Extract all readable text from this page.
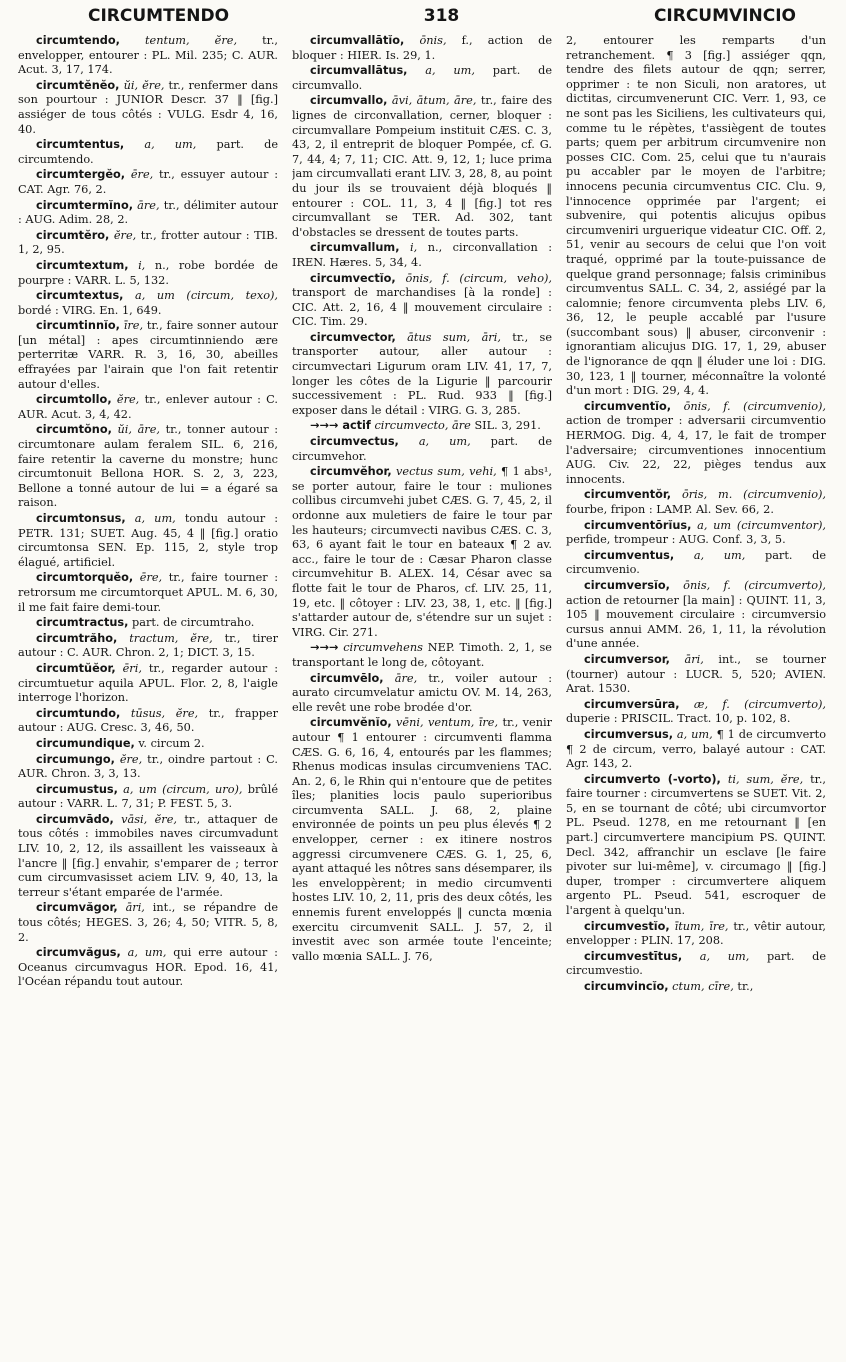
CIRCUMTENDO	318	CIRCUMVINCIO

circumtendo, tentum, ĕre, tr., envelopper, entourer : PL. Mil. 235; C. AUR. Acut. 3, 17, 174.

circumtĕnĕo, ŭi, ĕre, tr., renfermer dans son pourtour : JUNIOR Descr. 37 ‖ [fig.] assiéger de tous côtés : VULG. Esdr 4, 16, 40.

circumtentus, a, um, part. de circumtendo.

circumtergĕo, ēre, tr., essuyer autour : CAT. Agr. 76, 2.

circumtermĭno, āre, tr., délimiter autour : AUG. Adim. 28, 2.

circumtĕro, ĕre, tr., frotter autour : TIB. 1, 2, 95.

circumtextum, i, n., robe bordée de pourpre : VARR. L. 5, 132.

circumtextus, a, um (circum, texo), bordé : VIRG. En. 1, 649.

circumtinnĭo, īre, tr., faire sonner autour [un métal] : apes circumtinniendo ære perterritæ VARR. R. 3, 16, 30, abeilles effrayées par l'airain que l'on fait retentir autour d'elles.

circumtollo, ĕre, tr., enlever autour : C. AUR. Acut. 3, 4, 42.

circumtŏno, ŭi, āre, tr., tonner autour : circumtonare aulam feralem SIL. 6, 216, faire retentir la caverne du monstre; hunc circumtonuit Bellona HOR. S. 2, 3, 223, Bellone a tonné autour de lui = a égaré sa raison.

circumtonsus, a, um, tondu autour : PETR. 131; SUET. Aug. 45, 4 ‖ [fig.] oratio circumtonsa SEN. Ep. 115, 2, style trop élagué, artificiel.

circumtorquĕo, ēre, tr., faire tourner : retrorsum me circumtorquet APUL. M. 6, 30, il me fait faire demi-tour.

circumtractus, part. de circumtraho.

circumtrăho, tractum, ĕre, tr., tirer autour : C. AUR. Chron. 2, 1; DICT. 3, 15.

circumtŭĕor, ēri, tr., regarder autour : circumtuetur aquila APUL. Flor. 2, 8, l'aigle interroge l'horizon.

circumtundo, tūsus, ĕre, tr., frapper autour : AUG. Cresc. 3, 46, 50.

circumundique, v. circum 2.

circumungo, ĕre, tr., oindre partout : C. AUR. Chron. 3, 3, 13.

circumustus, a, um (circum, uro), brûlé autour : VARR. L. 7, 31; P. FEST. 5, 3.

circumvādo, vāsi, ĕre, tr., attaquer de tous côtés : immobiles naves circumvadunt LIV. 10, 2, 12, ils assaillent les vaisseaux à l'ancre ‖ [fig.] envahir, s'emparer de ; terror cum circumvasisset aciem LIV. 9, 40, 13, la terreur s'étant emparée de l'armée.

circumvăgor, āri, int., se répandre de tous côtés; HEGES. 3, 26; 4, 50; VITR. 5, 8, 2.

circumvăgus, a, um, qui erre autour : Oceanus circumvagus HOR. Epod. 16, 41, l'Océan répandu tout autour.

circumvallātĭo, ōnis, f., action de bloquer : HIER. Is. 29, 1.

circumvallātus, a, um, part. de circumvallo.

circumvallo, āvi, ātum, āre, tr., faire des lignes de circonvallation, cerner, bloquer : circumvallare Pompeium instituit CÆS. C. 3, 43, 2, il entreprit de bloquer Pompée, cf. G. 7, 44, 4; 7, 11; CIC. Att. 9, 12, 1; luce prima jam circumvallati erant LIV. 3, 28, 8, au point du jour ils se trouvaient déjà bloqués ‖ entourer : COL. 11, 3, 4 ‖ [fig.] tot res circumvallant se TER. Ad. 302, tant d'obstacles se dressent de toutes parts.

circumvallum, i, n., circonvallation : IREN. Hæres. 5, 34, 4.

circumvectĭo, ōnis, f. (circum, veho), transport de marchandises [à la ronde] : CIC. Att. 2, 16, 4 ‖ mouvement circulaire : CIC. Tim. 29.

circumvector, ātus sum, āri, tr., se transporter autour, aller autour : circumvectari Ligurum oram LIV. 41, 17, 7, longer les côtes de la Ligurie ‖ parcourir successivement : PL. Rud. 933 ‖ [fig.] exposer dans le détail : VIRG. G. 3, 285.

→→→ actif circumvecto, āre SIL. 3, 291.

circumvectus, a, um, part. de circumvehor.

circumvĕhor, vectus sum, vehi, ¶ 1 abs¹, se porter autour, faire le tour : muliones collibus circumvehi jubet CÆS. G. 7, 45, 2, il ordonne aux muletiers de faire le tour par les hauteurs; circumvecti navibus CÆS. C. 3, 63, 6 ayant fait le tour en bateaux ¶ 2 av. acc., faire le tour de : Cæsar Pharon classe circumvehitur B. ALEX. 14, César avec sa flotte fait le tour de Pharos, cf. LIV. 25, 11, 19, etc. ‖ côtoyer : LIV. 23, 38, 1, etc. ‖ [fig.] s'attarder autour de, s'étendre sur un sujet : VIRG. Cir. 271.

→→→ circumvehens NEP. Timoth. 2, 1, se transportant le long de, côtoyant.

circumvēlo, āre, tr., voiler autour : aurato circumvelatur amictu OV. M. 14, 263, elle revêt une robe brodée d'or.

circumvĕnĭo, vēni, ventum, īre, tr., venir autour ¶ 1 entourer : circumventi flamma CÆS. G. 6, 16, 4, entourés par les flammes; Rhenus modicas insulas circumveniens TAC. An. 2, 6, le Rhin qui n'entoure que de petites îles; planities locis paulo superioribus circumventa SALL. J. 68, 2, plaine environnée de points un peu plus élevés ¶ 2 envelopper, cerner : ex itinere nostros aggressi circumvenere CÆS. G. 1, 25, 6, ayant attaqué les nôtres sans désemparer, ils les enveloppèrent; in medio circumventi hostes LIV. 10, 2, 11, pris des deux côtés, les ennemis furent enveloppés ‖ cuncta mœnia exercitu circumvenit SALL. J. 57, 2, il investit avec son armée toute l'enceinte; vallo mœnia SALL. J. 76,

2, entourer les remparts d'un retranchement. ¶ 3 [fig.] assiéger qqn, tendre des filets autour de qqn; serrer, opprimer : te non Siculi, non aratores, ut dictitas, circumvenerunt CIC. Verr. 1, 93, ce ne sont pas les Siciliens, les cultivateurs qui, comme tu le répètes, t'assiègent de toutes parts; quem per arbitrum circumvenire non posses CIC. Com. 25, celui que tu n'aurais pu accabler par le moyen de l'arbitre; innocens pecunia circumventus CIC. Clu. 9, l'innocence opprimée par l'argent; ei subvenire, qui potentis alicujus opibus circumveniri urguerique videatur CIC. Off. 2, 51, venir au secours de celui que l'on voit traqué, opprimé par la toute-puissance de quelque grand personnage; falsis criminibus circumventus SALL. C. 34, 2, assiégé par la calomnie; fenore circumventa plebs LIV. 6, 36, 12, le peuple accablé par l'usure (succombant sous) ‖ abuser, circonvenir : ignorantiam alicujus DIG. 17, 1, 29, abuser de l'ignorance de qqn ‖ éluder une loi : DIG. 30, 123, 1 ‖ tourner, méconnaître la volonté d'un mort : DIG. 29, 4, 4.

circumventĭo, ōnis, f. (circumvenio), action de tromper : adversarii circumventio HERMOG. Dig. 4, 4, 17, le fait de tromper l'adversaire; circumventiones innocentium AUG. Civ. 22, 22, pièges tendus aux innocents.

circumventŏr, ōris, m. (circumvenio), fourbe, fripon : LAMP. Al. Sev. 66, 2.

circumventōrĭus, a, um (circumventor), perfide, trompeur : AUG. Conf. 3, 3, 5.

circumventus, a, um, part. de circumvenio.

circumversĭo, ōnis, f. (circumverto), action de retourner [la main] : QUINT. 11, 3, 105 ‖ mouvement circulaire : circumversio cursus annui AMM. 26, 1, 11, la révolution d'une année.

circumversor, āri, int., se tourner (tourner) autour : LUCR. 5, 520; AVIEN. Arat. 1530.

circumversūra, æ, f. (circumverto), duperie : PRISCIL. Tract. 10, p. 102, 8.

circumversus, a, um, ¶ 1 de circumverto ¶ 2 de circum, verro, balayé autour : CAT. Agr. 143, 2.

circumverto (-vorto), ti, sum, ĕre, tr., faire tourner : circumvertens se SUET. Vit. 2, 5, en se tournant de côté; ubi circumvortor PL. Pseud. 1278, en me retournant ‖ [en part.] circumvertere mancipium PS. QUINT. Decl. 342, affranchir un esclave [le faire pivoter sur lui-même], v. circumago ‖ [fig.] duper, tromper : circumvertere aliquem argento PL. Pseud. 541, escroquer de l'argent à quelqu'un.

circumvestĭo, ītum, īre, tr., vêtir autour, envelopper : PLIN. 17, 208.

circumvestītus, a, um, part. de circumvestio.

circumvincĭo, ctum, cīre, tr.,
